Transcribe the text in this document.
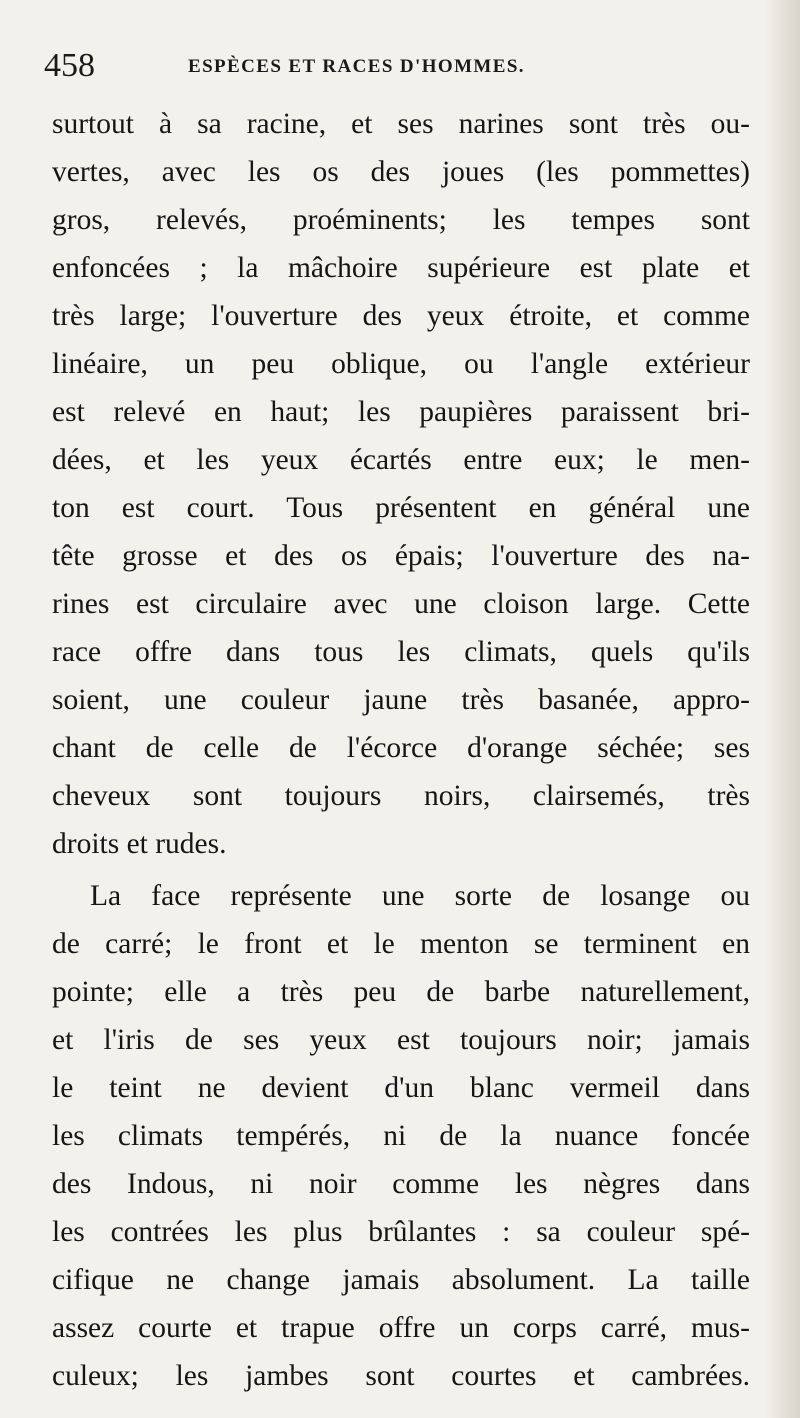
458	ESPÈCES ET RACES D'HOMMES.
surtout à sa racine, et ses narines sont très ou-
vertes, avec les os des joues (les pommettes)
gros, relevés, proéminents; les tempes sont
enfoncées ; la mâchoire supérieure est plate et
très large; l'ouverture des yeux étroite, et comme
linéaire, un peu oblique, ou l'angle extérieur
est relevé en haut; les paupières paraissent bri-
dées, et les yeux écartés entre eux; le men-
ton est court. Tous présentent en général une
tête grosse et des os épais; l'ouverture des na-
rines est circulaire avec une cloison large. Cette
race offre dans tous les climats, quels qu'ils
soient, une couleur jaune très basanée, appro-
chant de celle de l'écorce d'orange séchée; ses
cheveux sont toujours noirs, clairsemés, très
droits et rudes.
La face représente une sorte de losange ou
de carré; le front et le menton se terminent en
pointe; elle a très peu de barbe naturellement,
et l'iris de ses yeux est toujours noir; jamais
le teint ne devient d'un blanc vermeil dans
les climats tempérés, ni de la nuance foncée
des Indous, ni noir comme les nègres dans
les contrées les plus brûlantes : sa couleur spé-
cifique ne change jamais absolument. La taille
assez courte et trapue offre un corps carré, mus-
culeux; les jambes sont courtes et cambrées.
